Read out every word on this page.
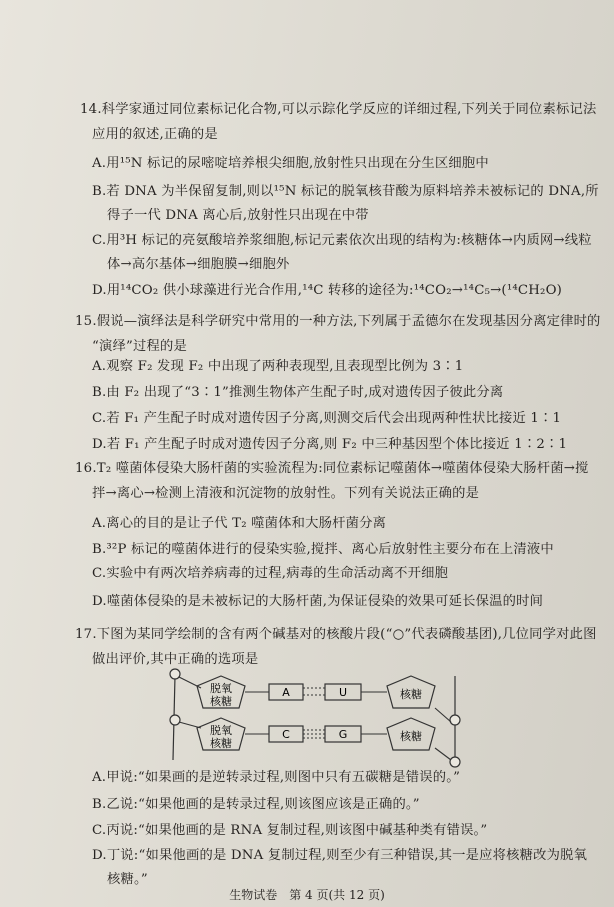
14.科学家通过同位素标记化合物,可以示踪化学反应的详细过程,下列关于同位素标记法
应用的叙述,正确的是
A.用¹⁵N 标记的尿嘧啶培养根尖细胞,放射性只出现在分生区细胞中
B.若 DNA 为半保留复制,则以¹⁵N 标记的脱氧核苷酸为原料培养未被标记的 DNA,所
得子一代 DNA 离心后,放射性只出现在中带
C.用³H 标记的亮氨酸培养浆细胞,标记元素依次出现的结构为:核糖体→内质网→线粒
体→高尔基体→细胞膜→细胞外
D.用¹⁴CO₂ 供小球藻进行光合作用,¹⁴C 转移的途径为:¹⁴CO₂→¹⁴C₅→(¹⁴CH₂O)
15.假说—演绎法是科学研究中常用的一种方法,下列属于孟德尔在发现基因分离定律时的
“演绎”过程的是
A.观察 F₂ 发现 F₂ 中出现了两种表现型,且表现型比例为 3∶1
B.由 F₂ 出现了“3∶1”推测生物体产生配子时,成对遗传因子彼此分离
C.若 F₁ 产生配子时成对遗传因子分离,则测交后代会出现两种性状比接近 1∶1
D.若 F₁ 产生配子时成对遗传因子分离,则 F₂ 中三种基因型个体比接近 1∶2∶1
16.T₂ 噬菌体侵染大肠杆菌的实验流程为:同位素标记噬菌体→噬菌体侵染大肠杆菌→搅
拌→离心→检测上清液和沉淀物的放射性。下列有关说法正确的是
A.离心的目的是让子代 T₂ 噬菌体和大肠杆菌分离
B.³²P 标记的噬菌体进行的侵染实验,搅拌、离心后放射性主要分布在上清液中
C.实验中有两次培养病毒的过程,病毒的生命活动离不开细胞
D.噬菌体侵染的是未被标记的大肠杆菌,为保证侵染的效果可延长保温的时间
17.下图为某同学绘制的含有两个碱基对的核酸片段(“○”代表磷酸基团),几位同学对此图
做出评价,其中正确的选项是
A.甲说:“如果画的是逆转录过程,则图中只有五碳糖是错误的。”
B.乙说:“如果他画的是转录过程,则该图应该是正确的。”
C.丙说:“如果他画的是 RNA 复制过程,则该图中碱基种类有错误。”
D.丁说:“如果他画的是 DNA 复制过程,则至少有三种错误,其一是应将核糖改为脱氧
核糖。”
脱氧
核糖
脱氧
核糖
核糖
核糖
A	U
C	G
生物试卷　第 4 页(共 12 页)
